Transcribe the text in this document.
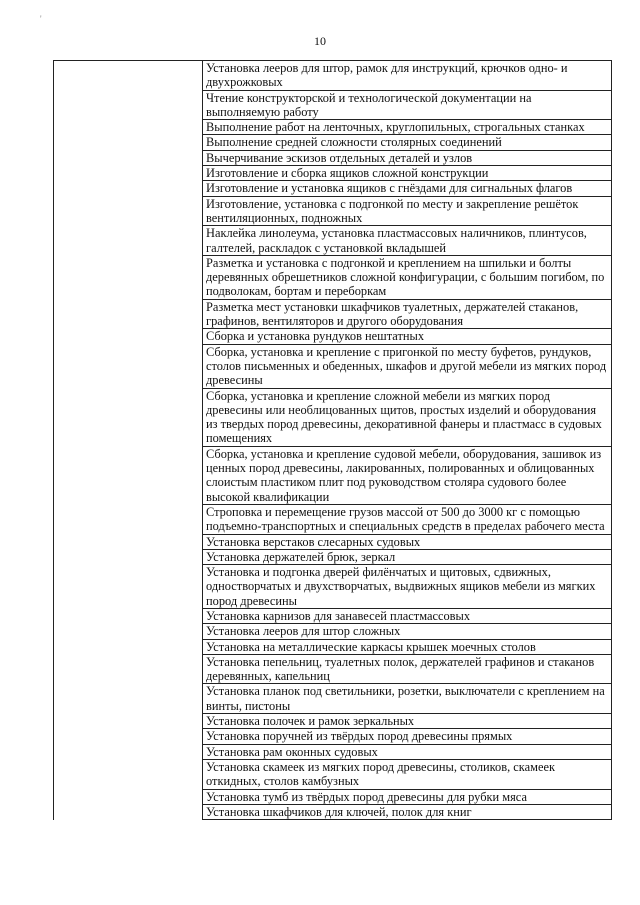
'
10
Установка лееров для штор, рамок для инструкций, крючков одно- и двухрожковых
Чтение конструкторской и технологической документации на выполняемую работу
Выполнение работ на ленточных, круглопильных, строгальных станках
Выполнение средней сложности столярных соединений
Вычерчивание эскизов отдельных деталей и узлов
Изготовление и сборка ящиков сложной конструкции
Изготовление и установка ящиков с гнёздами для сигнальных флагов
Изготовление, установка с подгонкой по месту и закрепление решёток вентиляционных, подножных
Наклейка линолеума, установка пластмассовых наличников, плинтусов, галтелей, раскладок с установкой вкладышей
Разметка и установка с подгонкой и креплением на шпильки и болты деревянных обрешетников сложной конфигурации, с большим погибом, по подволокам, бортам и переборкам
Разметка мест установки шкафчиков туалетных, держателей стаканов, графинов, вентиляторов и другого оборудования
Сборка и установка рундуков нештатных
Сборка, установка и крепление с пригонкой по месту буфетов, рундуков, столов письменных и обеденных, шкафов и другой мебели из мягких пород древесины
Сборка, установка и крепление сложной мебели из мягких пород древесины или необлицованных щитов, простых изделий и оборудования из твердых пород древесины, декоративной фанеры и пластмасс в судовых помещениях
Сборка, установка и крепление судовой мебели, оборудования, зашивок из ценных пород древесины, лакированных, полированных и облицованных слоистым пластиком плит под руководством столяра судового более высокой квалификации
Строповка и перемещение грузов массой от 500 до 3000 кг с помощью подъемно-транспортных и специальных средств в пределах рабочего места
Установка верстаков слесарных судовых
Установка держателей брюк, зеркал
Установка и подгонка дверей филёнчатых и щитовых, сдвижных, одностворчатых и двухстворчатых, выдвижных ящиков мебели из мягких пород древесины
Установка карнизов для занавесей пластмассовых
Установка лееров для штор сложных
Установка на металлические каркасы крышек моечных столов
Установка пепельниц, туалетных полок, держателей графинов и стаканов деревянных, капельниц
Установка планок под светильники, розетки, выключатели с креплением на винты, пистоны
Установка полочек и рамок зеркальных
Установка поручней из твёрдых пород древесины прямых
Установка рам оконных судовых
Установка скамеек из мягких пород древесины, столиков, скамеек откидных, столов камбузных
Установка тумб из твёрдых пород древесины для рубки мяса
Установка шкафчиков для ключей, полок для книг
